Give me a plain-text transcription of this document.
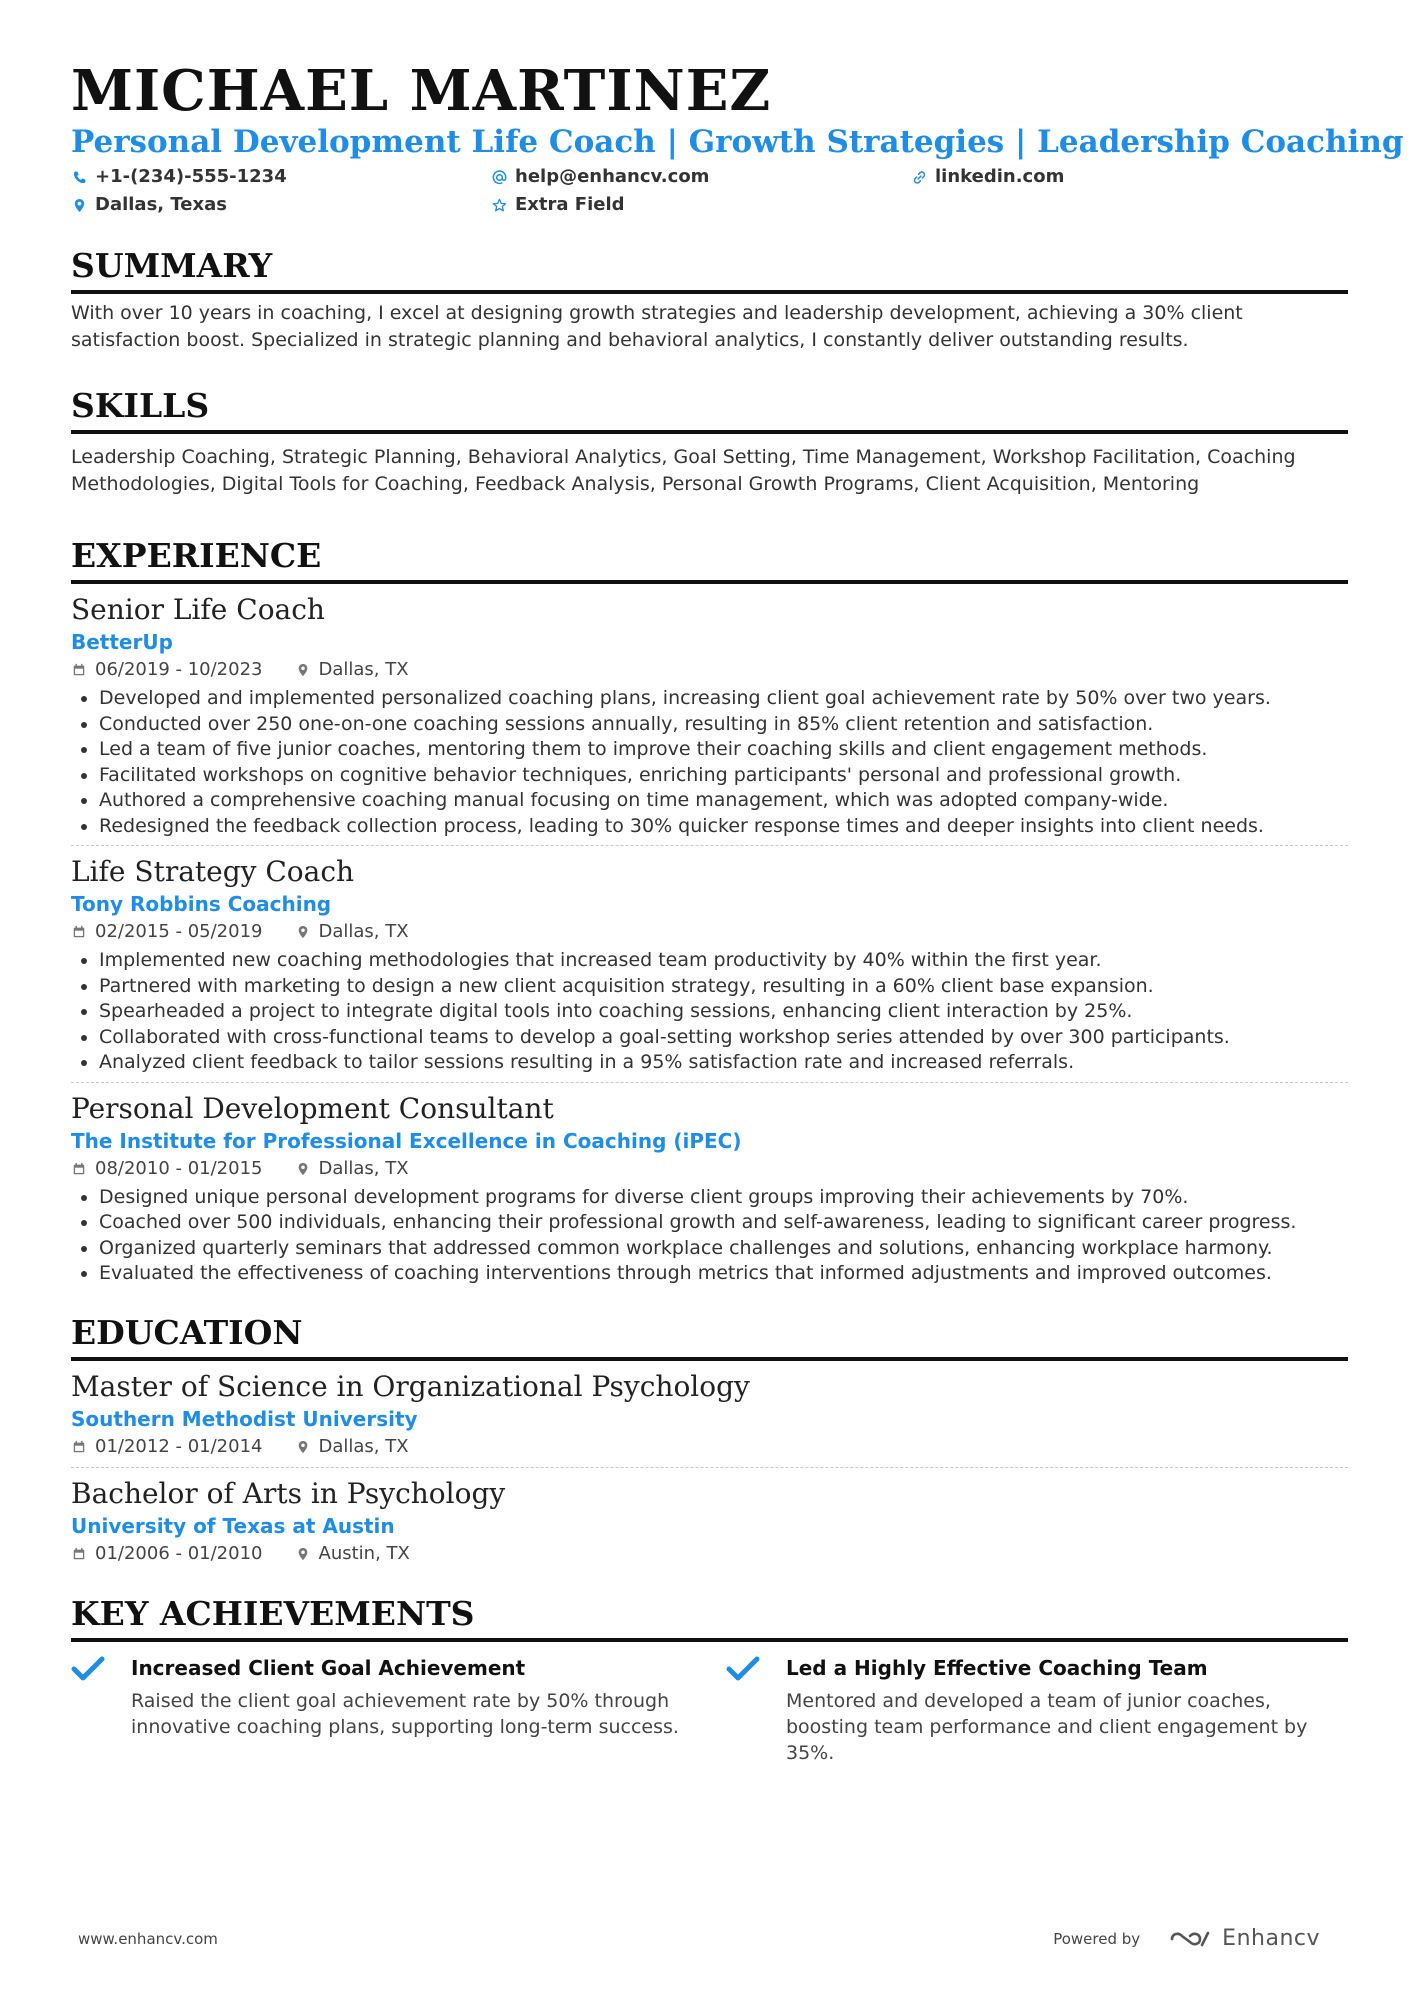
MICHAEL MARTINEZ
Personal Development Life Coach | Growth Strategies | Leadership Coaching
+1-(234)-555-1234	help@enhancv.com	linkedin.com
Dallas, Texas	Extra Field
SUMMARY

With over 10 years in coaching, I excel at designing growth strategies and leadership development, achieving a 30% client satisfaction boost. Specialized in strategic planning and behavioral analytics, I constantly deliver outstanding results.

SKILLS

Leadership Coaching, Strategic Planning, Behavioral Analytics, Goal Setting, Time Management, Workshop Facilitation, Coaching Methodologies, Digital Tools for Coaching, Feedback Analysis, Personal Growth Programs, Client Acquisition, Mentoring

EXPERIENCE
Senior Life Coach
BetterUp
06/2019 - 10/2023	Dallas, TX
• Developed and implemented personalized coaching plans, increasing client goal achievement rate by 50% over two years.
• Conducted over 250 one-on-one coaching sessions annually, resulting in 85% client retention and satisfaction.
• Led a team of five junior coaches, mentoring them to improve their coaching skills and client engagement methods.
• Facilitated workshops on cognitive behavior techniques, enriching participants' personal and professional growth.
• Authored a comprehensive coaching manual focusing on time management, which was adopted company-wide.
• Redesigned the feedback collection process, leading to 30% quicker response times and deeper insights into client needs.
Life Strategy Coach
Tony Robbins Coaching
02/2015 - 05/2019	Dallas, TX
• Implemented new coaching methodologies that increased team productivity by 40% within the first year.
• Partnered with marketing to design a new client acquisition strategy, resulting in a 60% client base expansion.
• Spearheaded a project to integrate digital tools into coaching sessions, enhancing client interaction by 25%.
• Collaborated with cross-functional teams to develop a goal-setting workshop series attended by over 300 participants.
• Analyzed client feedback to tailor sessions resulting in a 95% satisfaction rate and increased referrals.
Personal Development Consultant
The Institute for Professional Excellence in Coaching (iPEC)
08/2010 - 01/2015	Dallas, TX
• Designed unique personal development programs for diverse client groups improving their achievements by 70%.
• Coached over 500 individuals, enhancing their professional growth and self-awareness, leading to significant career progress.
• Organized quarterly seminars that addressed common workplace challenges and solutions, enhancing workplace harmony.
• Evaluated the effectiveness of coaching interventions through metrics that informed adjustments and improved outcomes.
EDUCATION
Master of Science in Organizational Psychology
Southern Methodist University
01/2012 - 01/2014	Dallas, TX
Bachelor of Arts in Psychology
University of Texas at Austin
01/2006 - 01/2010	Austin, TX
KEY ACHIEVEMENTS
Increased Client Goal Achievement
Raised the client goal achievement rate by 50% through innovative coaching plans, supporting long-term success.
Led a Highly Effective Coaching Team
Mentored and developed a team of junior coaches, boosting team performance and client engagement by 35%.
www.enhancv.com	Powered by	Enhancv
